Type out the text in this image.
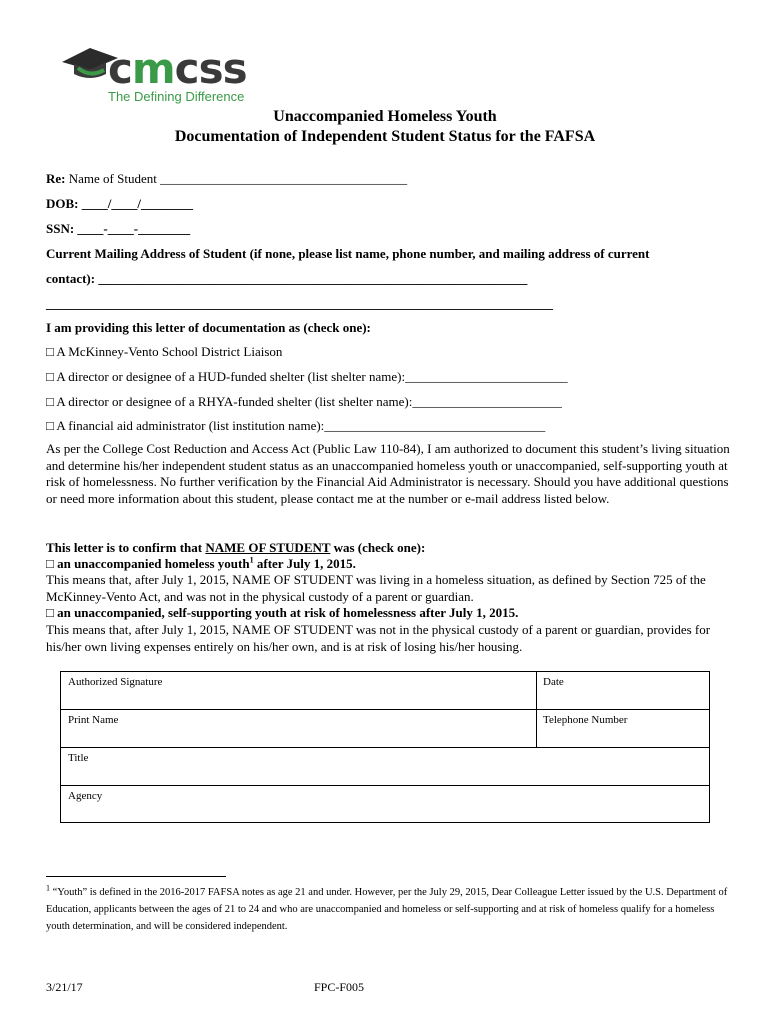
cmcss
The Defining Difference
Unaccompanied Homeless Youth
Documentation of Independent Student Status for the FAFSA
Re: Name of Student ______________________________________
DOB: ____/____/________
SSN: ____-____-________
Current Mailing Address of Student (if none, please list name, phone number, and mailing address of current
contact): __________________________________________________________________
______________________________________________________________________________
I am providing this letter of documentation as (check one):
□ A McKinney-Vento School District Liaison
□ A director or designee of a HUD-funded shelter (list shelter name):_________________________
□ A director or designee of a RHYA-funded shelter (list shelter name):_______________________
□ A financial aid administrator (list institution name):__________________________________
As per the College Cost Reduction and Access Act (Public Law 110-84), I am authorized to document this student’s living situation and determine his/her independent student status as an unaccompanied homeless youth or unaccompanied, self-supporting youth at risk of homelessness. No further verification by the Financial Aid Administrator is necessary. Should you have additional questions or need more information about this student, please contact me at the number or e-mail address listed below.
This letter is to confirm that NAME OF STUDENT was (check one):
□ an unaccompanied homeless youth$^1$ after July 1, 2015.
This means that, after July 1, 2015, NAME OF STUDENT was living in a homeless situation, as defined by Section 725 of the McKinney-Vento Act, and was not in the physical custody of a parent or guardian.
□ an unaccompanied, self-supporting youth at risk of homelessness after July 1, 2015.
This means that, after July 1, 2015, NAME OF STUDENT was not in the physical custody of a parent or guardian, provides for his/her own living expenses entirely on his/her own, and is at risk of losing his/her housing.
Authorized Signature	Date
Print Name	Telephone Number
Title
Agency
$^1$ “Youth” is defined in the 2016-2017 FAFSA notes as age 21 and under. However, per the July 29, 2015, Dear Colleague Letter issued by the U.S. Department of Education, applicants between the ages of 21 to 24 and who are unaccompanied and homeless or self-supporting and at risk of homeless qualify for a homeless youth determination, and will be considered independent.
3/21/17	FPC-F005
